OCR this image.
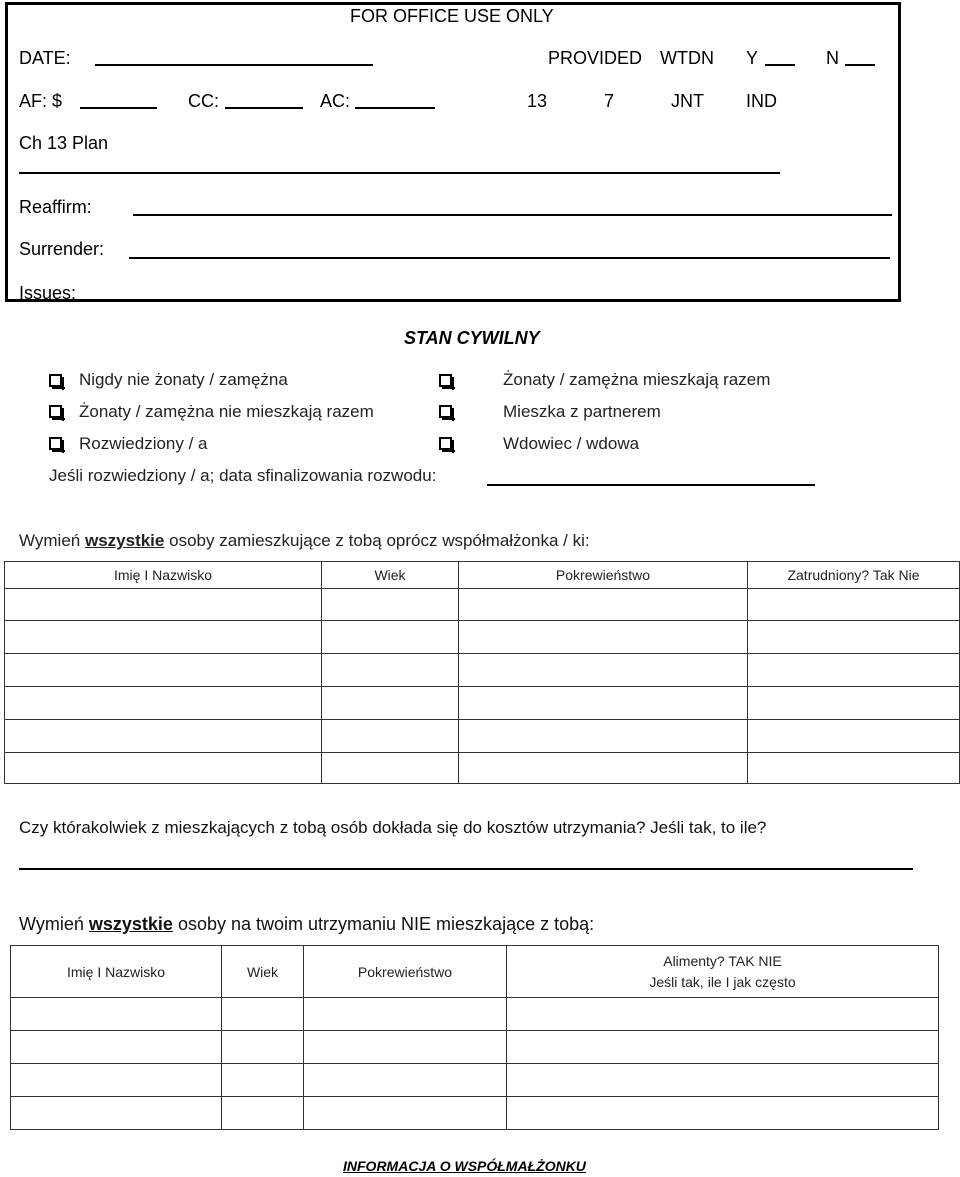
FOR OFFICE USE ONLY
DATE:	PROVIDED WTDN Y	N
AF: $	CC:	AC:	13	7	JNT IND
Ch 13 Plan
Reaffirm:
Surrender:
Issues:
STAN CYWILNY
Nigdy nie żonaty / zamężna	Żonaty / zamężna mieszkają razem
Żonaty / zamężna nie mieszkają razem	Mieszka z partnerem
Rozwiedziony / a	Wdowiec / wdowa
Jeśli rozwiedziony / a; data sfinalizowania rozwodu:
Wymień wszystkie osoby zamieszkujące z tobą oprócz współmałżonka / ki:
Imię I Nazwisko	Wiek	Pokrewieństwo	Zatrudniony? Tak Nie

Czy którakolwiek z mieszkających z tobą osób dokłada się do kosztów utrzymania? Jeśli tak, to ile?
Wymień wszystkie osoby na twoim utrzymaniu NIE mieszkające z tobą:
Imię I Nazwisko	Wiek	Pokrewieństwo	Alimenty? TAK NIE
Jeśli tak, ile I jak często

INFORMACJA O WSPÓŁMAŁŻONKU
